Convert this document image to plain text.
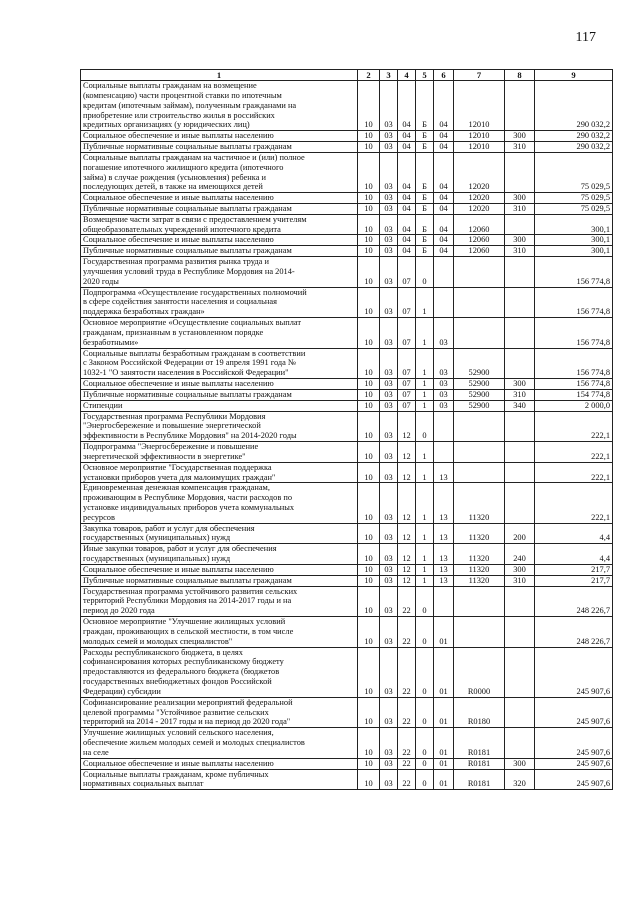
117
1	2	3	4	5	6	7	8	9
Социальные выплаты гражданам на возмещение
(компенсацию) части процентной ставки по ипотечным
кредитам (ипотечным займам), полученным гражданами на
приобретение или строительство жилья в российских
кредитных организациях (у юридических лиц)	10	03	04	Б	04	12010		290 032,2
Социальное обеспечение и иные выплаты населению	10	03	04	Б	04	12010	300	290 032,2
Публичные нормативные социальные выплаты гражданам	10	03	04	Б	04	12010	310	290 032,2
Социальные выплаты гражданам на частичное и (или) полное
погашение ипотечного жилищного кредита (ипотечного
займа) в случае рождения (усыновления) ребенка и
последующих детей, в также на имеющихся детей	10	03	04	Б	04	12020		75 029,5
Социальное обеспечение и иные выплаты населению	10	03	04	Б	04	12020	300	75 029,5
Публичные нормативные социальные выплаты гражданам	10	03	04	Б	04	12020	310	75 029,5
Возмещение части затрат в связи с предоставлением учителям
общеобразовательных учреждений ипотечного кредита	10	03	04	Б	04	12060		300,1
Социальное обеспечение и иные выплаты населению	10	03	04	Б	04	12060	300	300,1
Публичные нормативные социальные выплаты гражданам	10	03	04	Б	04	12060	310	300,1
Государственная программа развития рынка труда и
улучшения условий труда в Республике Мордовия на 2014-
2020 годы	10	03	07	0				156 774,8
Подпрограмма «Осуществление государственных полномочий
в сфере содействия занятости населения и социальная
поддержка безработных граждан»	10	03	07	1				156 774,8
Основное мероприятие «Осуществление социальных выплат
гражданам, признанным в установленном порядке
безработными»	10	03	07	1	03			156 774,8
Социальные выплаты безработным гражданам в соответствии
с Законом Российской Федерации от 19 апреля 1991 года №
1032-1 "О занятости населения в Российской Федерации"	10	03	07	1	03	52900		156 774,8
Социальное обеспечение и иные выплаты населению	10	03	07	1	03	52900	300	156 774,8
Публичные нормативные социальные выплаты гражданам	10	03	07	1	03	52900	310	154 774,8
Стипендии	10	03	07	1	03	52900	340	2 000,0
Государственная программа Республики Мордовия
"Энергосбережение и повышение энергетической
эффективности в Республике Мордовия" на 2014-2020 годы	10	03	12	0				222,1
Подпрограмма "Энергосбережение и повышение
энергетической эффективности в энергетике"	10	03	12	1				222,1
Основное мероприятие "Государственная поддержка
установки приборов учета для малоимущих граждан"	10	03	12	1	13			222,1
Единовременная денежная компенсация гражданам,
проживающим в Республике Мордовия, части расходов по
установке индивидуальных приборов учета коммунальных
ресурсов	10	03	12	1	13	11320		222,1
Закупка товаров, работ и услуг для обеспечения
государственных (муниципальных) нужд	10	03	12	1	13	11320	200	4,4
Иные закупки товаров, работ и услуг для обеспечения
государственных (муниципальных) нужд	10	03	12	1	13	11320	240	4,4
Социальное обеспечение и иные выплаты населению	10	03	12	1	13	11320	300	217,7
Публичные нормативные социальные выплаты гражданам	10	03	12	1	13	11320	310	217,7
Государственная программа устойчивого развития сельских
территорий Республики Мордовия на 2014-2017 годы и на
период до 2020 года	10	03	22	0				248 226,7
Основное мероприятие "Улучшение жилищных условий
граждан, проживающих в сельской местности, в том числе
молодых семей и молодых специалистов"	10	03	22	0	01			248 226,7
Расходы республиканского бюджета, в целях
софинансирования которых республиканскому бюджету
предоставляются из федерального бюджета (бюджетов
государственных внебюджетных фондов Российской
Федерации) субсидии	10	03	22	0	01	R0000		245 907,6
Софинансирование реализации мероприятий федеральной
целевой программы "Устойчивое развитие сельских
территорий на 2014 - 2017 годы и на период до 2020 года"	10	03	22	0	01	R0180		245 907,6
Улучшение жилищных условий сельского населения,
обеспечение жильем молодых семей и молодых специалистов
на селе	10	03	22	0	01	R0181		245 907,6
Социальное обеспечение и иные выплаты населению	10	03	22	0	01	R0181	300	245 907,6
Социальные выплаты гражданам, кроме публичных
нормативных социальных выплат	10	03	22	0	01	R0181	320	245 907,6
